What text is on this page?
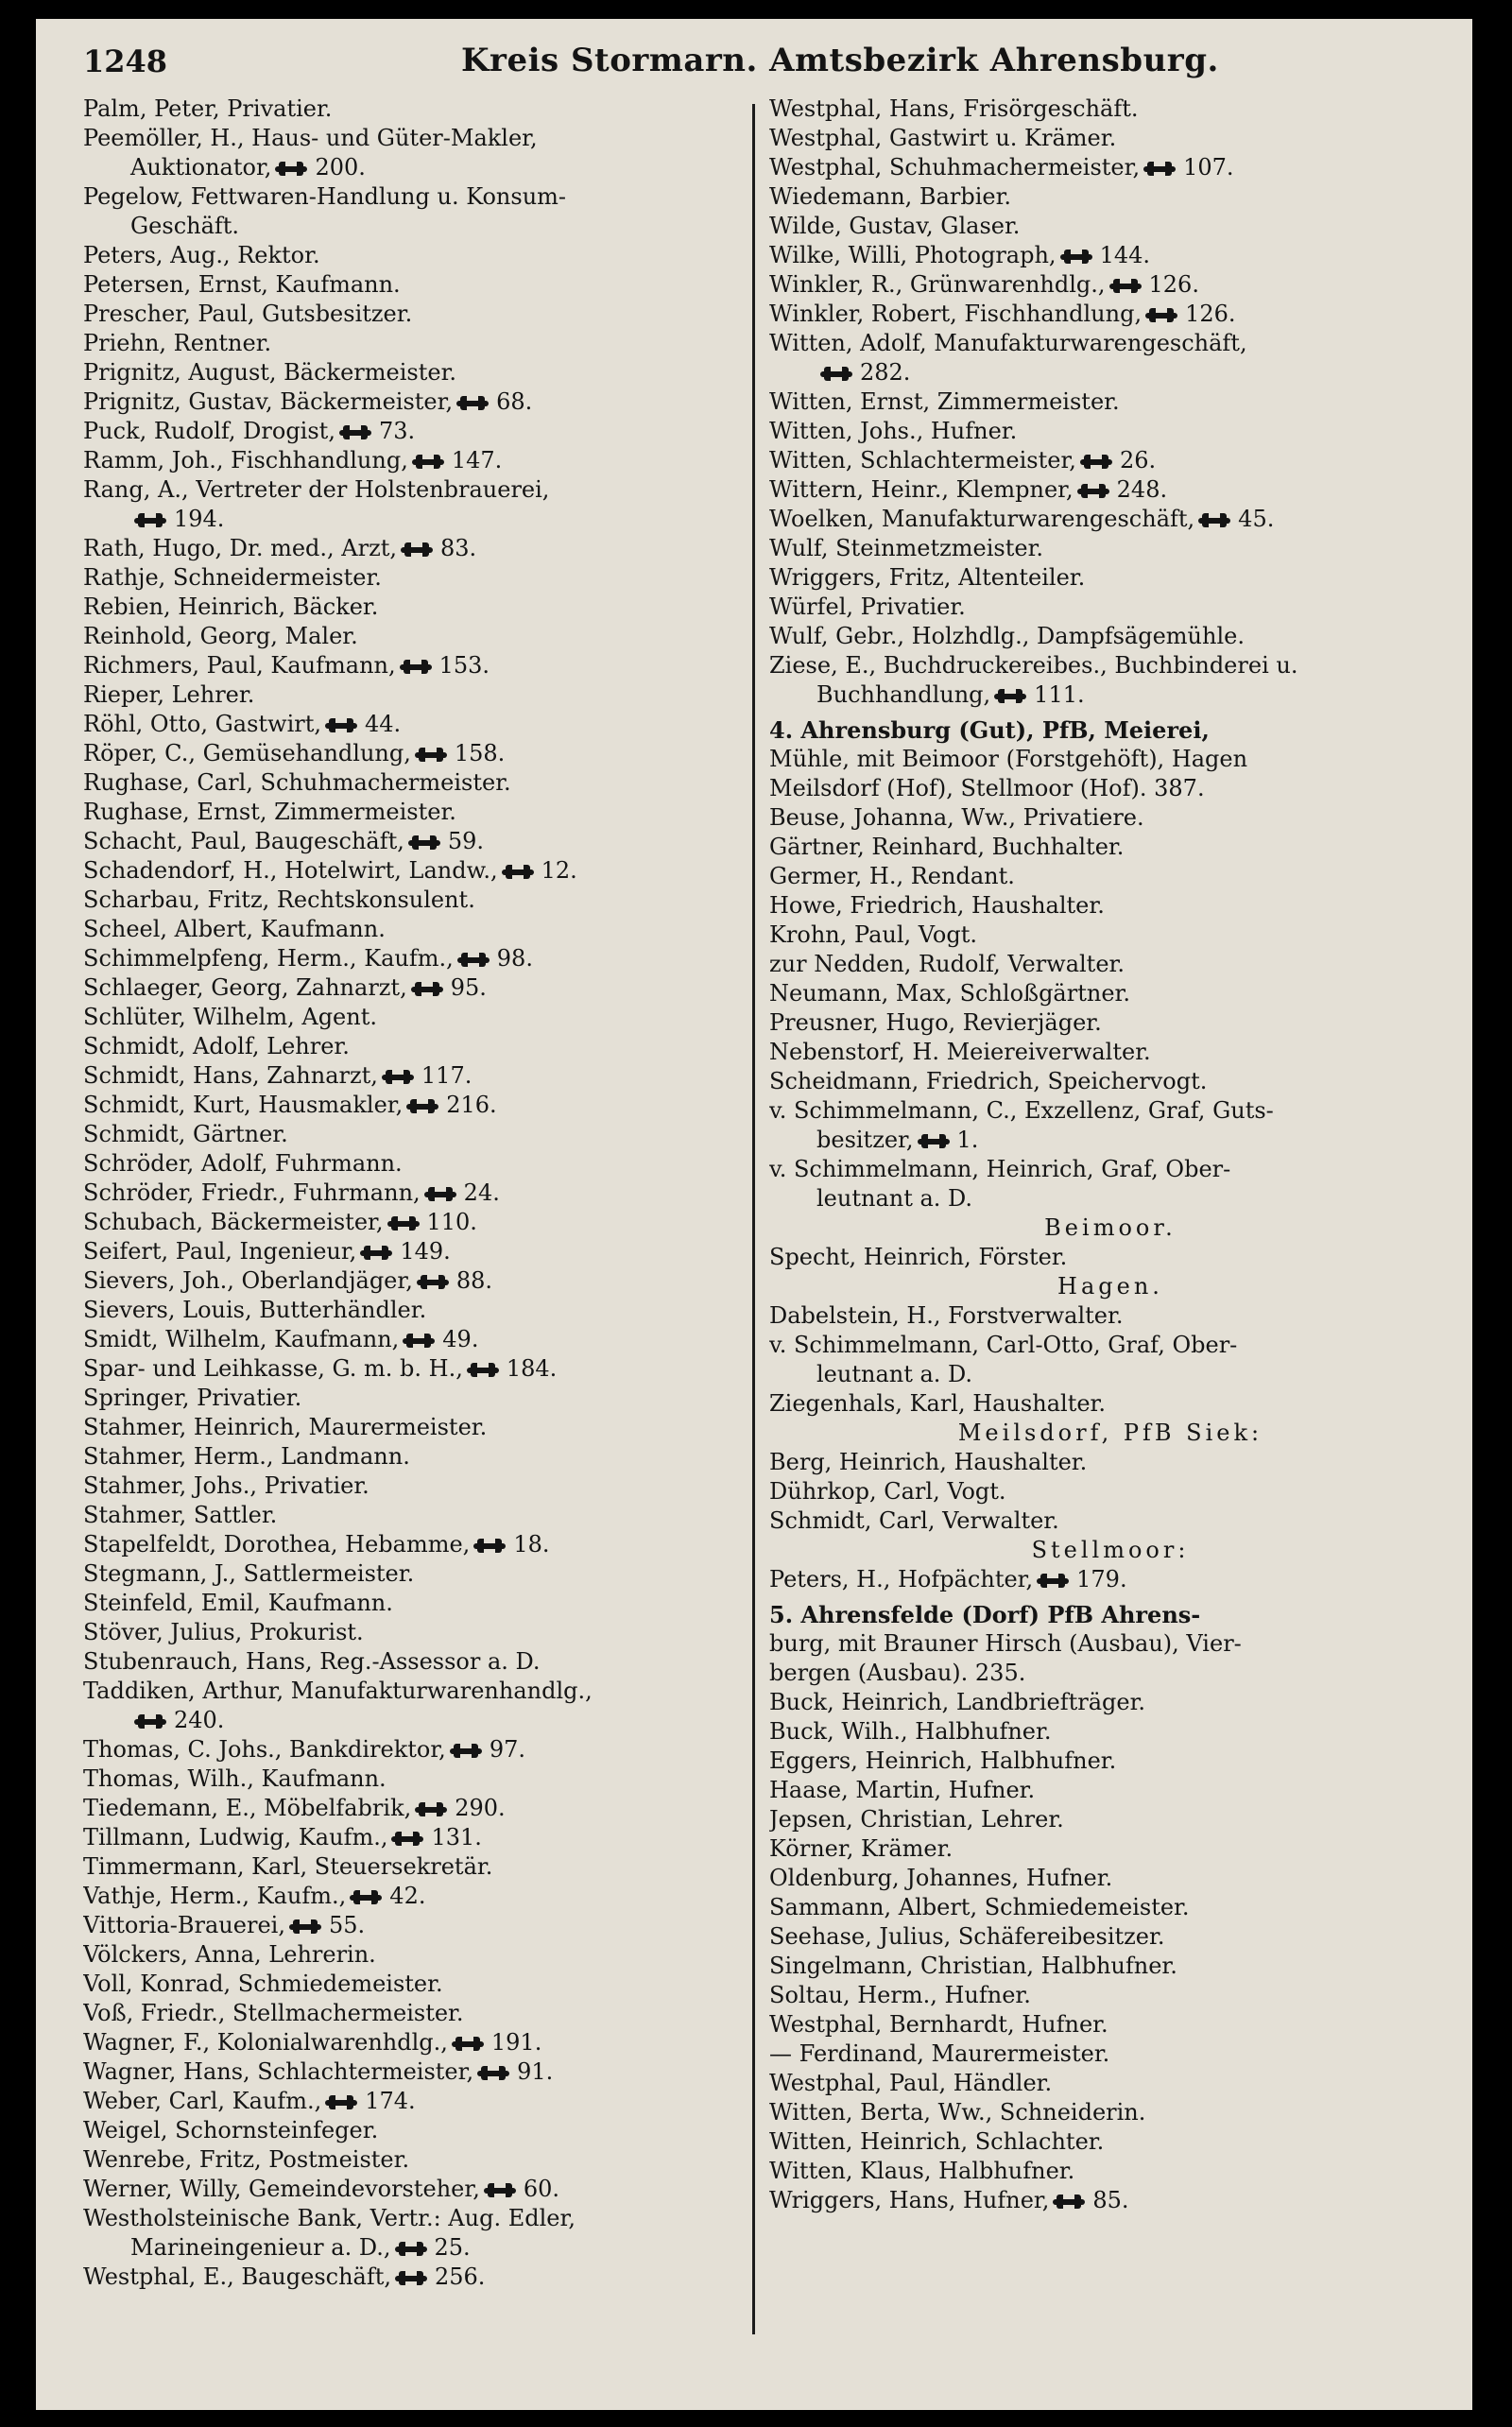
1248	Kreis Stormarn. Amtsbezirk Ahrensburg.
Palm, Peter, Privatier.
Peemöller, H., Haus- und Güter-Makler,
Auktionator, 200.
Pegelow, Fettwaren-Handlung u. Konsum-
Geschäft.
Peters, Aug., Rektor.
Petersen, Ernst, Kaufmann.
Prescher, Paul, Gutsbesitzer.
Priehn, Rentner.
Prignitz, August, Bäckermeister.
Prignitz, Gustav, Bäckermeister, 68.
Puck, Rudolf, Drogist, 73.
Ramm, Joh., Fischhandlung, 147.
Rang, A., Vertreter der Holstenbrauerei,
194.
Rath, Hugo, Dr. med., Arzt, 83.
Rathje, Schneidermeister.
Rebien, Heinrich, Bäcker.
Reinhold, Georg, Maler.
Richmers, Paul, Kaufmann, 153.
Rieper, Lehrer.
Röhl, Otto, Gastwirt, 44.
Röper, C., Gemüsehandlung, 158.
Rughase, Carl, Schuhmachermeister.
Rughase, Ernst, Zimmermeister.
Schacht, Paul, Baugeschäft, 59.
Schadendorf, H., Hotelwirt, Landw., 12.
Scharbau, Fritz, Rechtskonsulent.
Scheel, Albert, Kaufmann.
Schimmelpfeng, Herm., Kaufm., 98.
Schlaeger, Georg, Zahnarzt, 95.
Schlüter, Wilhelm, Agent.
Schmidt, Adolf, Lehrer.
Schmidt, Hans, Zahnarzt, 117.
Schmidt, Kurt, Hausmakler, 216.
Schmidt, Gärtner.
Schröder, Adolf, Fuhrmann.
Schröder, Friedr., Fuhrmann, 24.
Schubach, Bäckermeister, 110.
Seifert, Paul, Ingenieur, 149.
Sievers, Joh., Oberlandjäger, 88.
Sievers, Louis, Butterhändler.
Smidt, Wilhelm, Kaufmann, 49.
Spar- und Leihkasse, G. m. b. H., 184.
Springer, Privatier.
Stahmer, Heinrich, Maurermeister.
Stahmer, Herm., Landmann.
Stahmer, Johs., Privatier.
Stahmer, Sattler.
Stapelfeldt, Dorothea, Hebamme, 18.
Stegmann, J., Sattlermeister.
Steinfeld, Emil, Kaufmann.
Stöver, Julius, Prokurist.
Stubenrauch, Hans, Reg.-Assessor a. D.
Taddiken, Arthur, Manufakturwarenhandlg.,
240.
Thomas, C. Johs., Bankdirektor, 97.
Thomas, Wilh., Kaufmann.
Tiedemann, E., Möbelfabrik, 290.
Tillmann, Ludwig, Kaufm., 131.
Timmermann, Karl, Steuersekretär.
Vathje, Herm., Kaufm., 42.
Vittoria-Brauerei, 55.
Völckers, Anna, Lehrerin.
Voll, Konrad, Schmiedemeister.
Voß, Friedr., Stellmachermeister.
Wagner, F., Kolonialwarenhdlg., 191.
Wagner, Hans, Schlachtermeister, 91.
Weber, Carl, Kaufm., 174.
Weigel, Schornsteinfeger.
Wenrebe, Fritz, Postmeister.
Werner, Willy, Gemeindevorsteher, 60.
Westholsteinische Bank, Vertr.: Aug. Edler,
Marineingenieur a. D., 25.
Westphal, E., Baugeschäft, 256.
Westphal, Hans, Frisörgeschäft.
Westphal, Gastwirt u. Krämer.
Westphal, Schuhmachermeister, 107.
Wiedemann, Barbier.
Wilde, Gustav, Glaser.
Wilke, Willi, Photograph, 144.
Winkler, R., Grünwarenhdlg., 126.
Winkler, Robert, Fischhandlung, 126.
Witten, Adolf, Manufakturwarengeschäft,
282.
Witten, Ernst, Zimmermeister.
Witten, Johs., Hufner.
Witten, Schlachtermeister, 26.
Wittern, Heinr., Klempner, 248.
Woelken, Manufakturwarengeschäft, 45.
Wulf, Steinmetzmeister.
Wriggers, Fritz, Altenteiler.
Würfel, Privatier.
Wulf, Gebr., Holzhdlg., Dampfsägemühle.
Ziese, E., Buchdruckereibes., Buchbinderei u.
Buchhandlung, 111.
4. Ahrensburg (Gut), PfB, Meierei,
Mühle, mit Beimoor (Forstgehöft), Hagen
Meilsdorf (Hof), Stellmoor (Hof). 387.
Beuse, Johanna, Ww., Privatiere.
Gärtner, Reinhard, Buchhalter.
Germer, H., Rendant.
Howe, Friedrich, Haushalter.
Krohn, Paul, Vogt.
zur Nedden, Rudolf, Verwalter.
Neumann, Max, Schloßgärtner.
Preusner, Hugo, Revierjäger.
Nebenstorf, H. Meiereiverwalter.
Scheidmann, Friedrich, Speichervogt.
v. Schimmelmann, C., Exzellenz, Graf, Guts-
besitzer, 1.
v. Schimmelmann, Heinrich, Graf, Ober-
leutnant a. D.
Beimoor.
Specht, Heinrich, Förster.
Hagen.
Dabelstein, H., Forstverwalter.
v. Schimmelmann, Carl-Otto, Graf, Ober-
leutnant a. D.
Ziegenhals, Karl, Haushalter.
Meilsdorf, PfB Siek:
Berg, Heinrich, Haushalter.
Dührkop, Carl, Vogt.
Schmidt, Carl, Verwalter.
Stellmoor:
Peters, H., Hofpächter, 179.
5. Ahrensfelde (Dorf) PfB Ahrens-
burg, mit Brauner Hirsch (Ausbau), Vier-
bergen (Ausbau). 235.
Buck, Heinrich, Landbriefträger.
Buck, Wilh., Halbhufner.
Eggers, Heinrich, Halbhufner.
Haase, Martin, Hufner.
Jepsen, Christian, Lehrer.
Körner, Krämer.
Oldenburg, Johannes, Hufner.
Sammann, Albert, Schmiedemeister.
Seehase, Julius, Schäfereibesitzer.
Singelmann, Christian, Halbhufner.
Soltau, Herm., Hufner.
Westphal, Bernhardt, Hufner.
— Ferdinand, Maurermeister.
Westphal, Paul, Händler.
Witten, Berta, Ww., Schneiderin.
Witten, Heinrich, Schlachter.
Witten, Klaus, Halbhufner.
Wriggers, Hans, Hufner, 85.
